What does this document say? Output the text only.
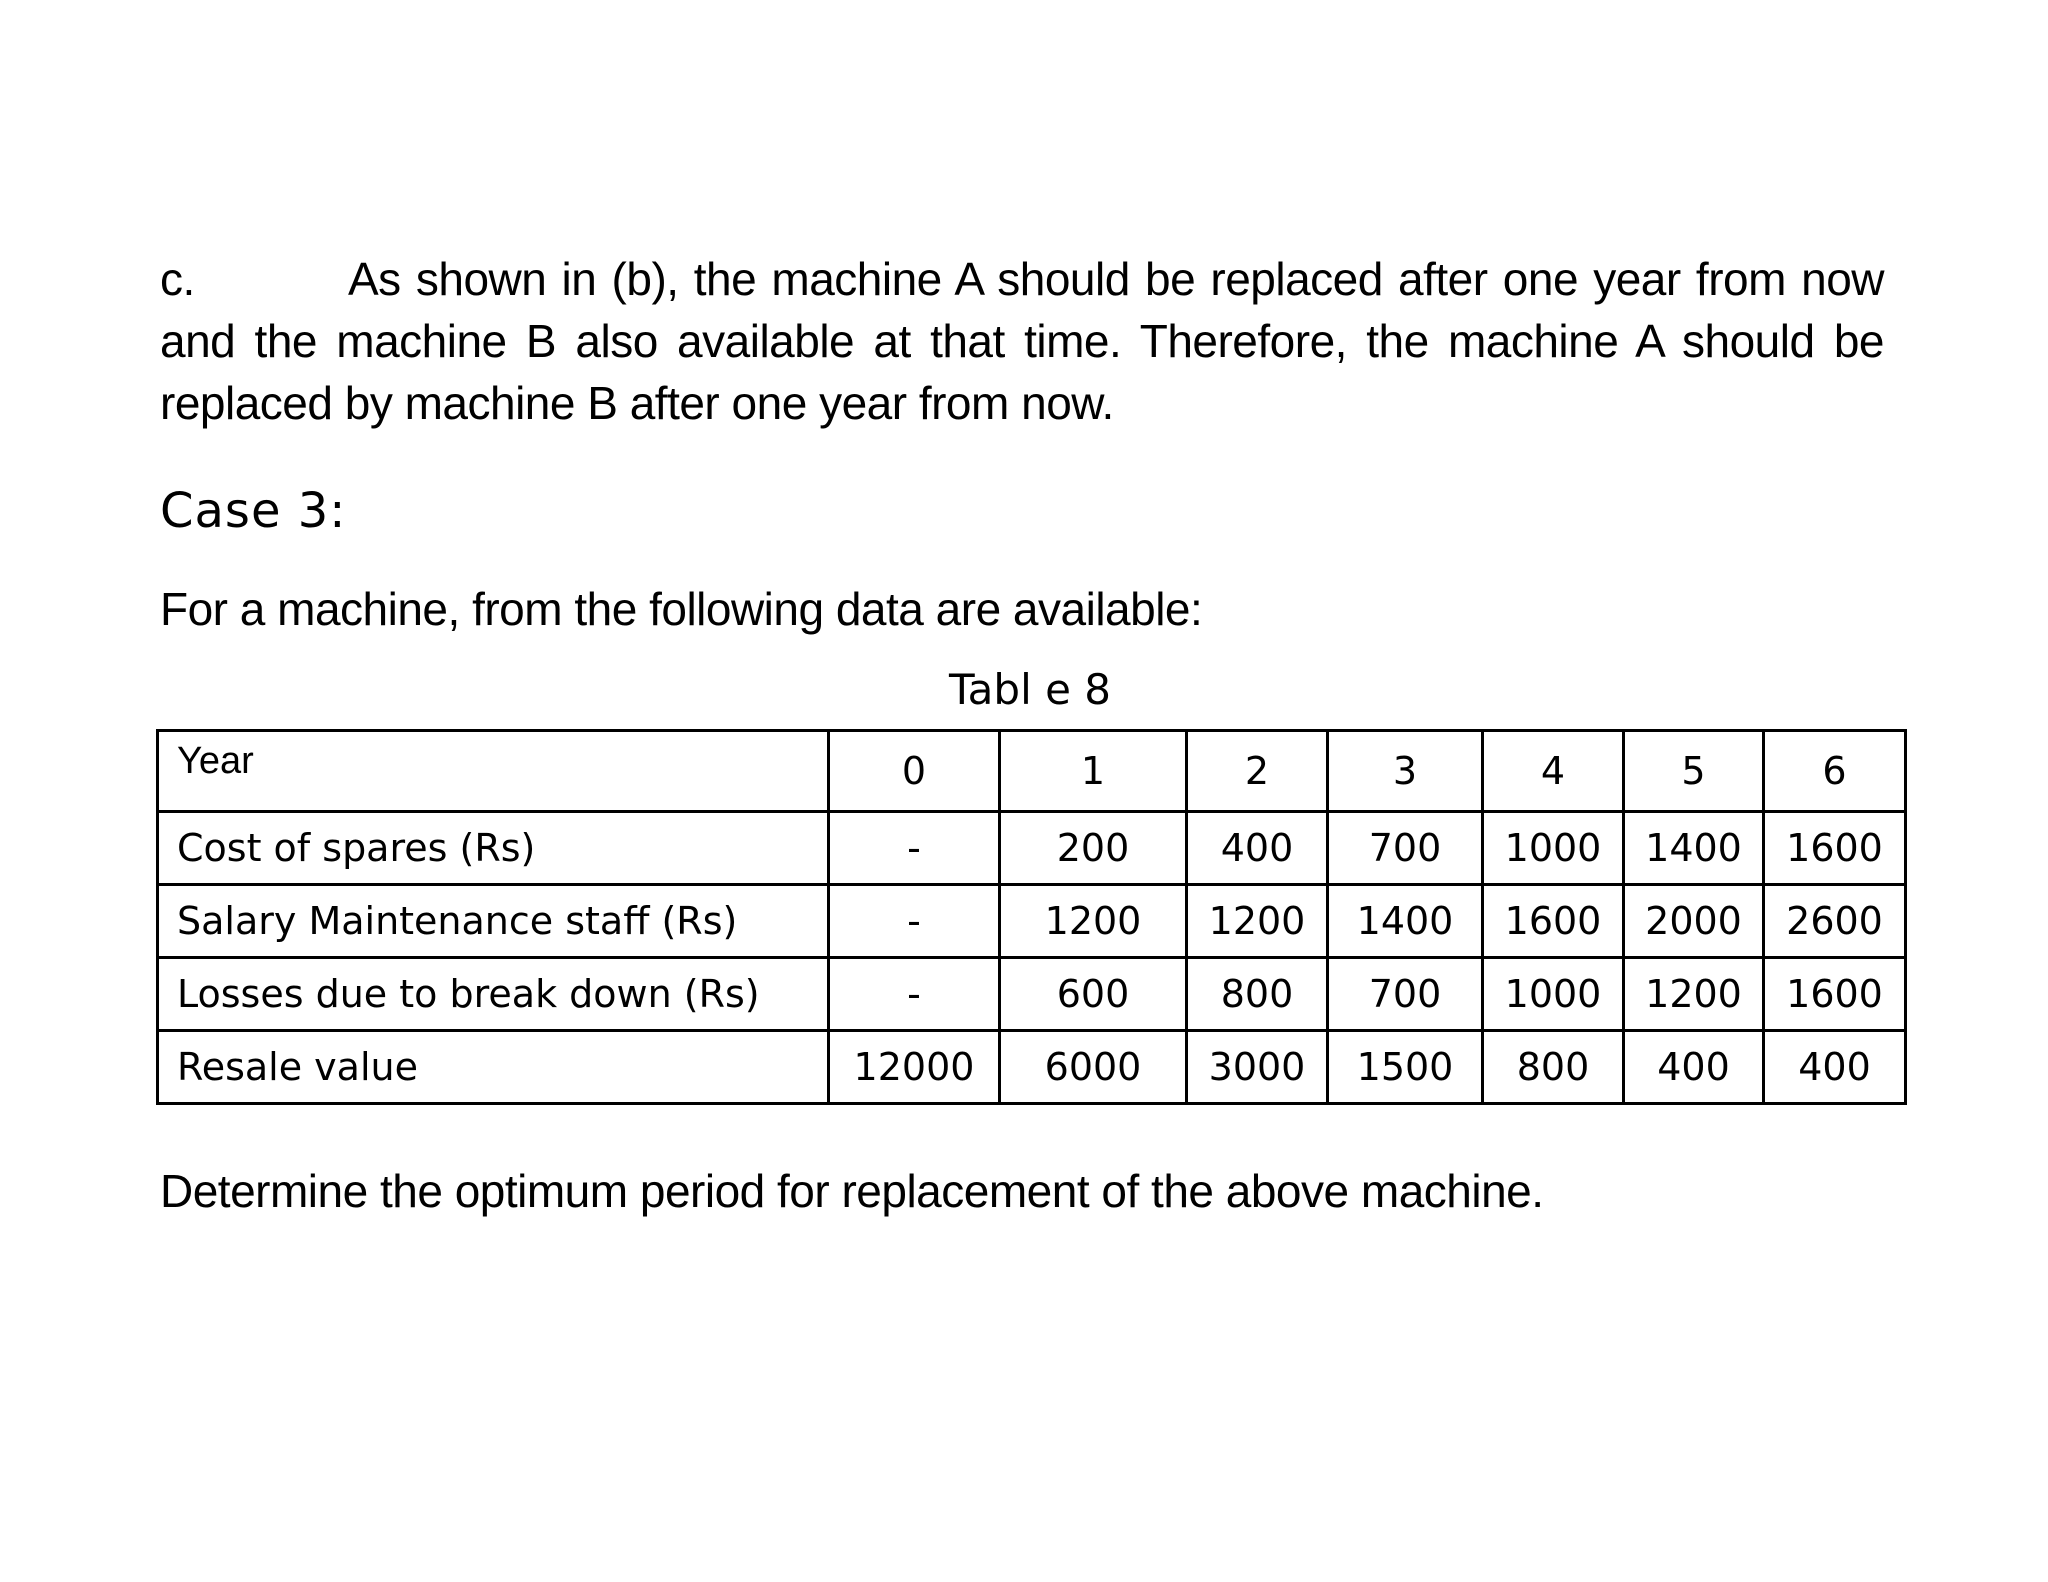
c.	As shown in (b), the machine A should be replaced after one year from now and the machine B also available at that time. Therefore, the machine A should be replaced by machine B after one year from now.

Case 3:

For a machine, from the following data are available:

Tabl e 8
Year	0	1	2	3	4	5	6
Cost of spares (Rs)	-	200	400	700	1000	1400	1600
Salary Maintenance staff (Rs)	-	1200	1200	1400	1600	2000	2600
Losses due to break down (Rs)	-	600	800	700	1000	1200	1600
Resale value	12000	6000	3000	1500	800	400	400

Determine the optimum period for replacement of the above machine.
